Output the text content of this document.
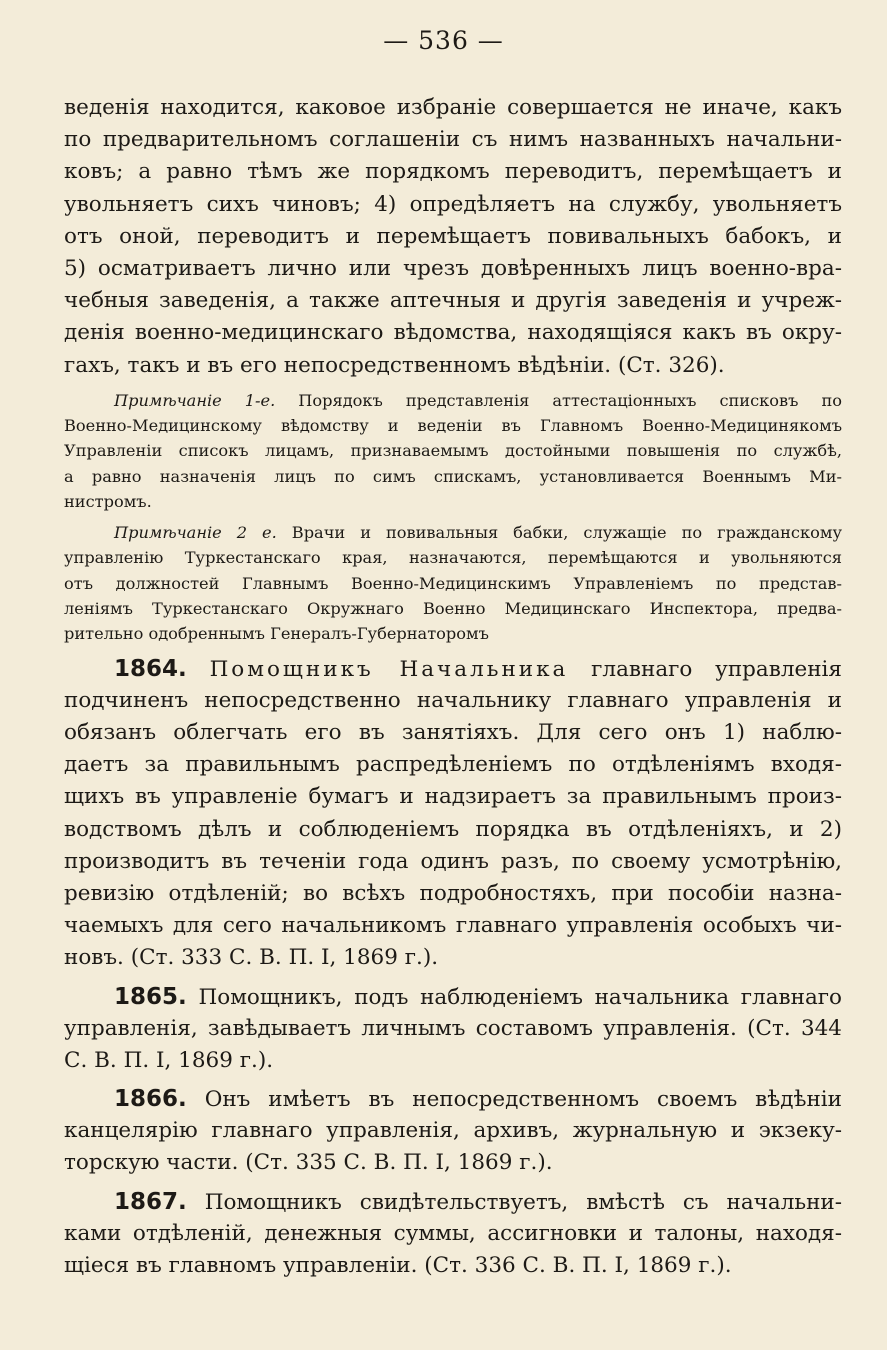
— 536 —
веденія находится, каковое избраніе совершается не иначе, какъ
по предварительномъ соглашеніи съ нимъ названныхъ начальни-
ковъ; а равно тѣмъ же порядкомъ переводитъ, перемѣщаетъ и
увольняетъ сихъ чиновъ; 4) опредѣляетъ на службу, увольняетъ
отъ оной, переводитъ и перемѣщаетъ повивальныхъ бабокъ, и
5) осматриваетъ лично или чрезъ довѣренныхъ лицъ военно-вра-
чебныя заведенія, а также аптечныя и другія заведенія и учреж-
денія военно-медицинскаго вѣдомства, находящіяся какъ въ окру-
гахъ, такъ и въ его непосредственномъ вѣдѣніи. (Ст. 326).
Примѣчаніе 1-е. Порядокъ представленія аттестаціонныхъ списковъ по
Военно-Медицинскому вѣдомству и веденіи въ Главномъ Военно-Медицинякомъ
Управленіи списокъ лицамъ, признаваемымъ достойными повышенія по службѣ,
а равно назначенія лицъ по симъ спискамъ, установливается Военнымъ Ми-
нистромъ.
Примѣчаніе 2 е. Врачи и повивальныя бабки, служащіе по гражданскому
управленію Туркестанскаго края, назначаются, перемѣщаются и увольняются
отъ должностей Главнымъ Военно-Медицинскимъ Управленіемъ по представ-
леніямъ Туркестанскаго Окружнаго Военно Медицинскаго Инспектора, предва-
рительно одобреннымъ Генералъ-Губернаторомъ
1864. Помощникъ Начальника главнаго управленія
подчиненъ непосредственно начальнику главнаго управленія и
обязанъ облегчать его въ занятіяхъ. Для сего онъ 1) наблю-
даетъ за правильнымъ распредѣленіемъ по отдѣленіямъ входя-
щихъ въ управленіе бумагъ и надзираетъ за правильнымъ произ-
водствомъ дѣлъ и соблюденіемъ порядка въ отдѣленіяхъ, и 2)
производитъ въ теченіи года одинъ разъ, по своему усмотрѣнію,
ревизію отдѣленій; во всѣхъ подробностяхъ, при пособіи назна-
чаемыхъ для сего начальникомъ главнаго управленія особыхъ чи-
новъ. (Ст. 333 С. В. П. I, 1869 г.).
1865. Помощникъ, подъ наблюденіемъ начальника главнаго
управленія, завѣдываетъ личнымъ составомъ управленія. (Ст. 344
С. В. П. I, 1869 г.).
1866. Онъ имѣетъ въ непосредственномъ своемъ вѣдѣніи
канцелярію главнаго управленія, архивъ, журнальную и экзеку-
торскую части. (Ст. 335 С. В. П. I, 1869 г.).
1867. Помощникъ свидѣтельствуетъ, вмѣстѣ съ начальни-
ками отдѣленій, денежныя суммы, ассигновки и талоны, находя-
щіеся въ главномъ управленіи. (Ст. 336 С. В. П. I, 1869 г.).
